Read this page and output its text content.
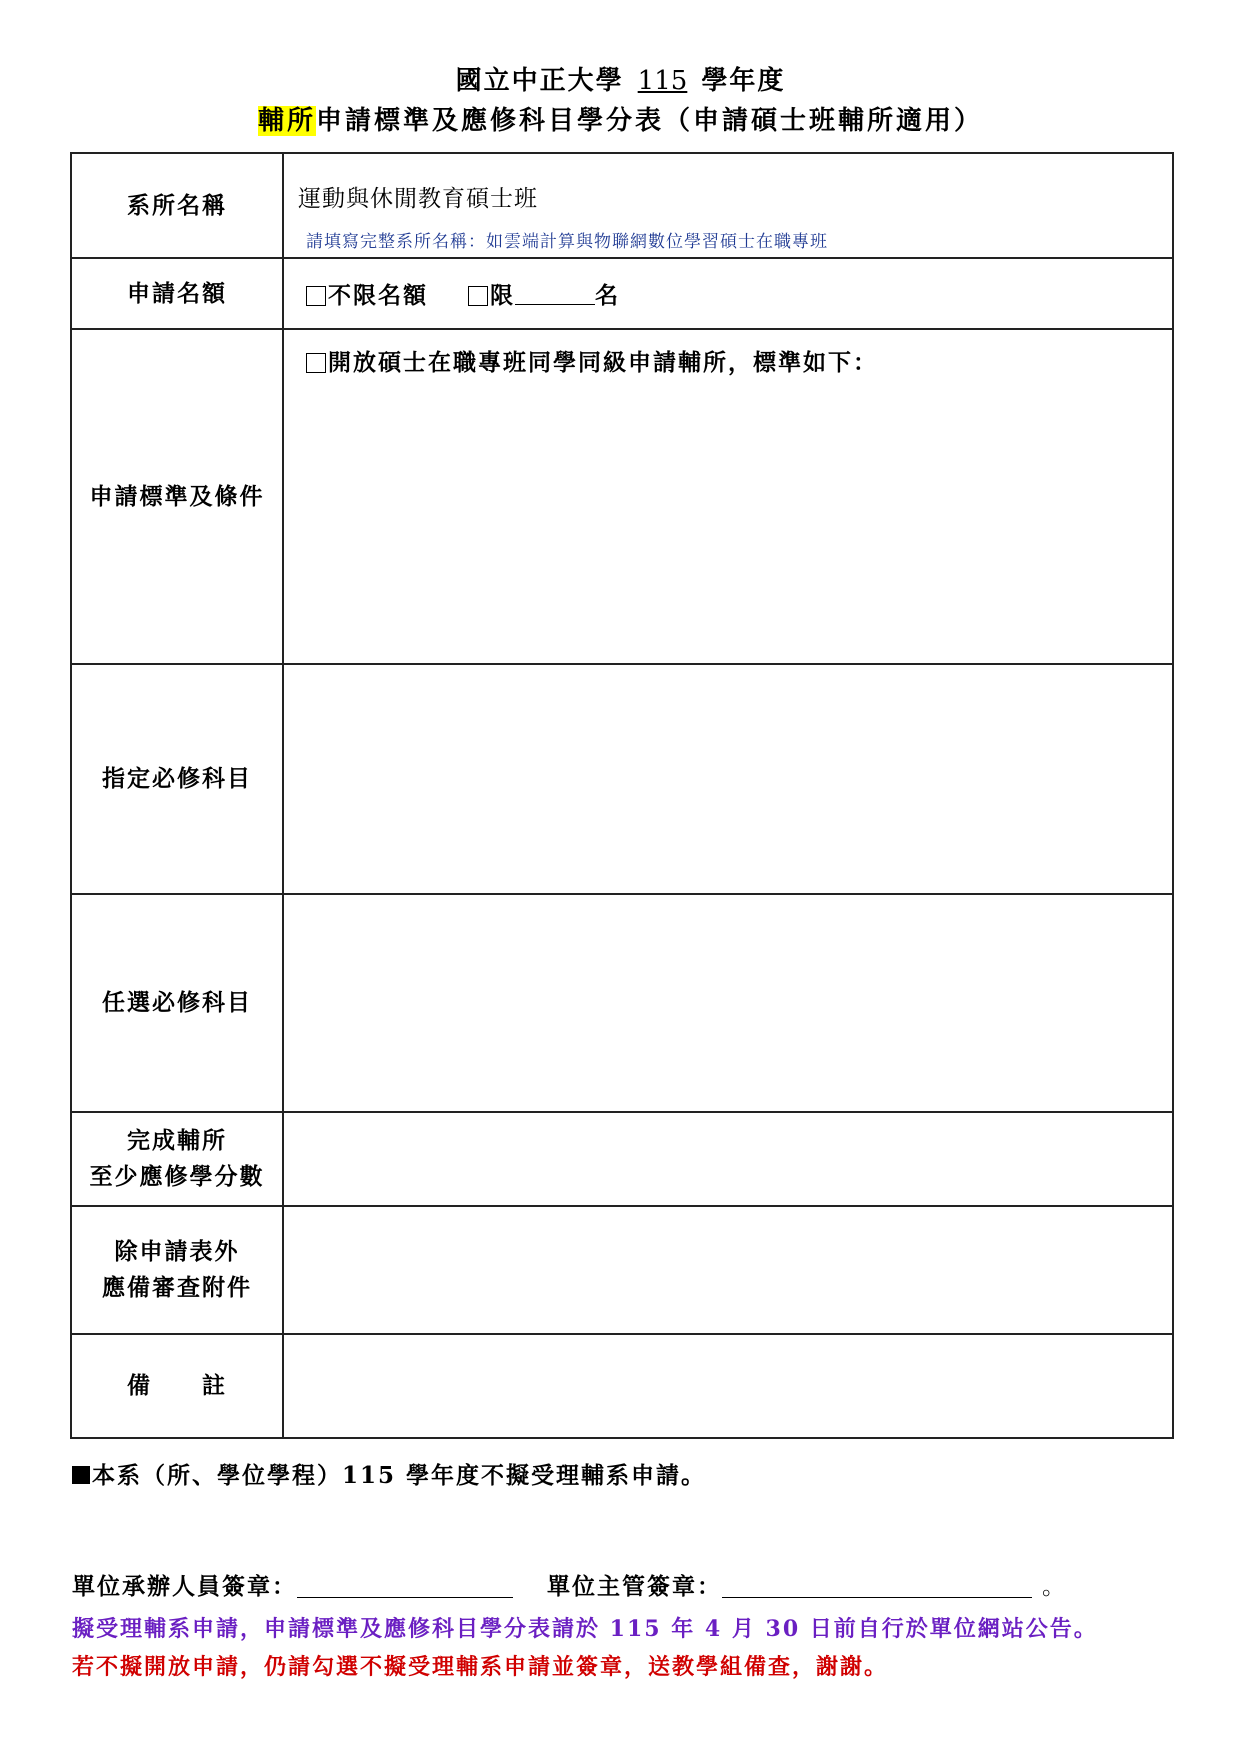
國立中正大學 115 學年度
輔所申請標準及應修科目學分表（申請碩士班輔所適用）
系所名稱	運動與休閒教育碩士班
請填寫完整系所名稱：如雲端計算與物聯網數位學習碩士在職專班

申請名額	不限名額 限 名

申請標準及條件	開放碩士在職專班同學同級申請輔所，標準如下：

指定必修科目	
任選必修科目	

完成輔所
至少應修學分數	

除申請表外
應備審查附件	

備　　註	
本系（所、學位學程）115 學年度不擬受理輔系申請。
單位承辦人員簽章：	單位主管簽章：	。
擬受理輔系申請，申請標準及應修科目學分表請於 115 年 4 月 30 日前自行於單位網站公告。
若不擬開放申請，仍請勾選不擬受理輔系申請並簽章，送教學組備查，謝謝。
